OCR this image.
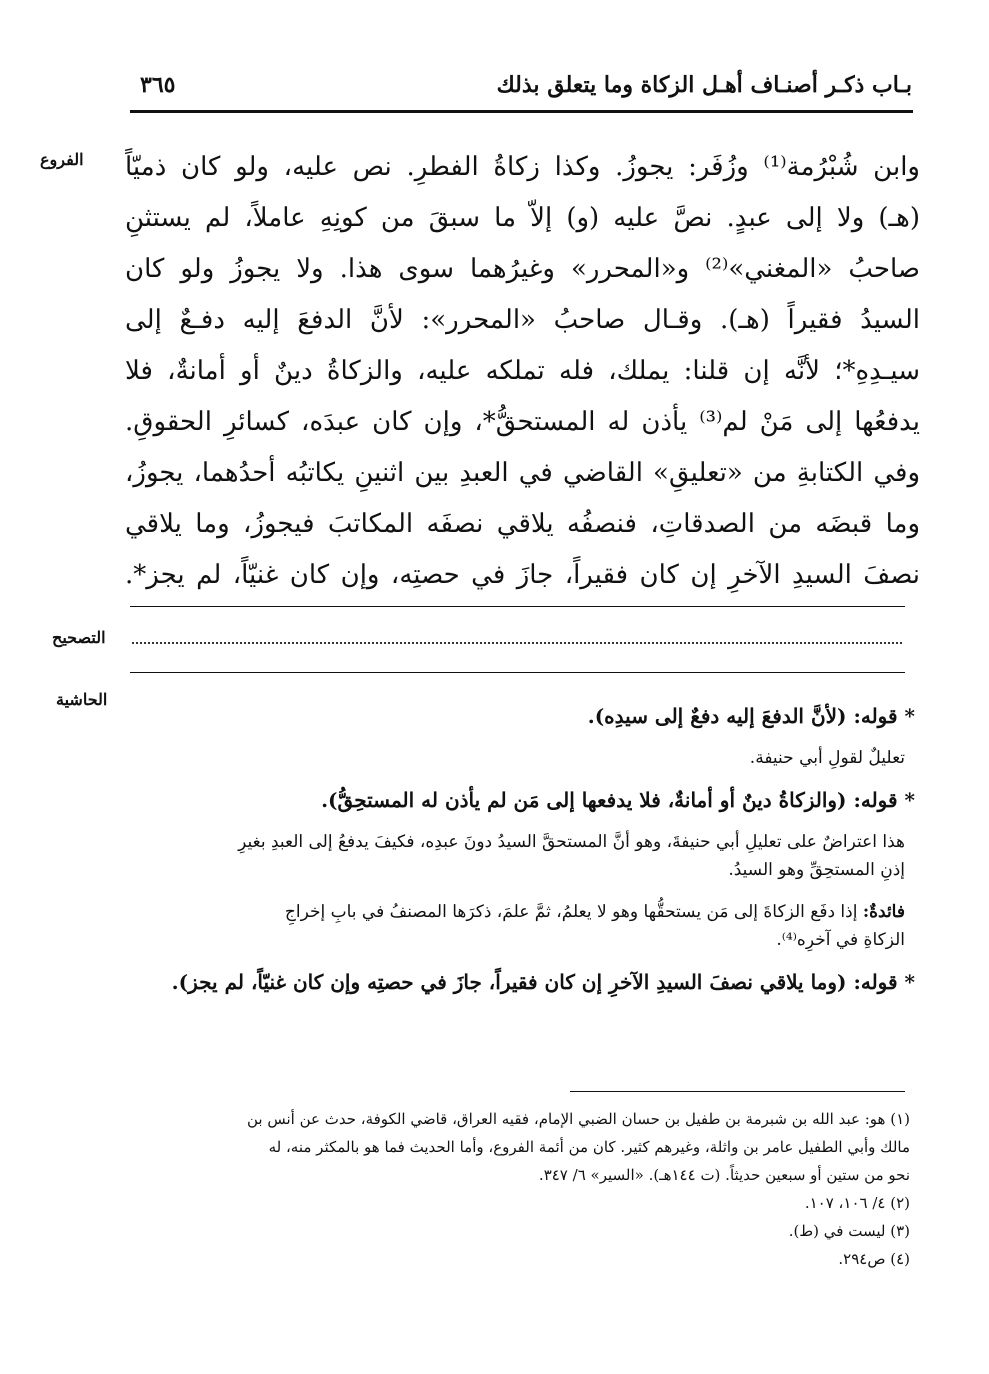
بـاب ذكـر أصنـاف أهـل الزكاة وما يتعلق بذلك
٣٦٥
الفروع وابن شُبْرُمة⁽¹⁾ وزُفَر: يجوزُ. وكذا زكاةُ الفطرِ. نص عليه، ولو كان ذميّاً
(هـ) ولا إلى عبدٍ. نصَّ عليه (و) إلاّ ما سبقَ من كونِهِ عاملاً، لم يستثنِ
صاحبُ «المغني»⁽²⁾ و«المحرر» وغيرُهما سوى هذا. ولا يجوزُ ولو كان
السيدُ فقيراً (هـ). وقـال صاحبُ «المحرر»: لأنَّ الدفعَ إليه دفـعٌ إلى
سيـدِهِ*؛ لأنَّه إن قلنا: يملك، فله تملكه عليه، والزكاةُ دينٌ أو أمانةٌ، فلا
يدفعُها إلى مَنْ لم⁽³⁾ يأذن له المستحقُّ*، وإن كان عبدَه، كسائرِ الحقوقِ.
وفي الكتابةِ من «تعليقِ» القاضي في العبدِ بين اثنينِ يكاتبُه أحدُهما، يجوزُ،
وما قبضَه من الصدقاتِ، فنصفُه يلاقي نصفَه المكاتبَ فيجوزُ، وما يلاقي
نصفَ السيدِ الآخرِ إن كان فقيراً، جازَ في حصتِه، وإن كان غنيّاً، لم يجز*.
التصحيح
الحاشية
* قوله: (لأنَّ الدفعَ إليه دفعٌ إلى سيدِه).
تعليلٌ لقولِ أبي حنيفة.
* قوله: (والزكاةُ دينٌ أو أمانةٌ، فلا يدفعها إلى مَن لم يأذن له المستحِقُّ).
هذا اعتراضٌ على تعليلِ أبي حنيفةَ، وهو أنَّ المستحقَّ السيدُ دونَ عبدِه، فكيفَ يدفعُ إلى العبدِ بغيرِ
إذنِ المستحِقِّ وهو السيدُ.
فائدةٌ: إذا دفَع الزكاةَ إلى مَن يستحقُّها وهو لا يعلمُ، ثمَّ علمَ، ذكرَها المصنفُ في بابِ إخراجِ
الزكاةِ في آخرِه⁽⁴⁾.
* قوله: (وما يلاقي نصفَ السيدِ الآخرِ إن كان فقيراً، جازَ في حصتِه وإن كان غنيّاً، لم يجز).
(١) هو: عبد الله بن شبرمة بن طفيل بن حسان الضبي الإمام، فقيه العراق، قاضي الكوفة، حدث عن أنس بن
مالك وأبي الطفيل عامر بن واثلة، وغيرهم كثير. كان من أئمة الفروع، وأما الحديث فما هو بالمكثر منه، له
نحو من ستين أو سبعين حديثاً. (ت ١٤٤هـ). «السير» ٦/ ٣٤٧.
(٢) ٤/ ١٠٦، ١٠٧.
(٣) ليست في (ط).
(٤) ص٢٩٤.
